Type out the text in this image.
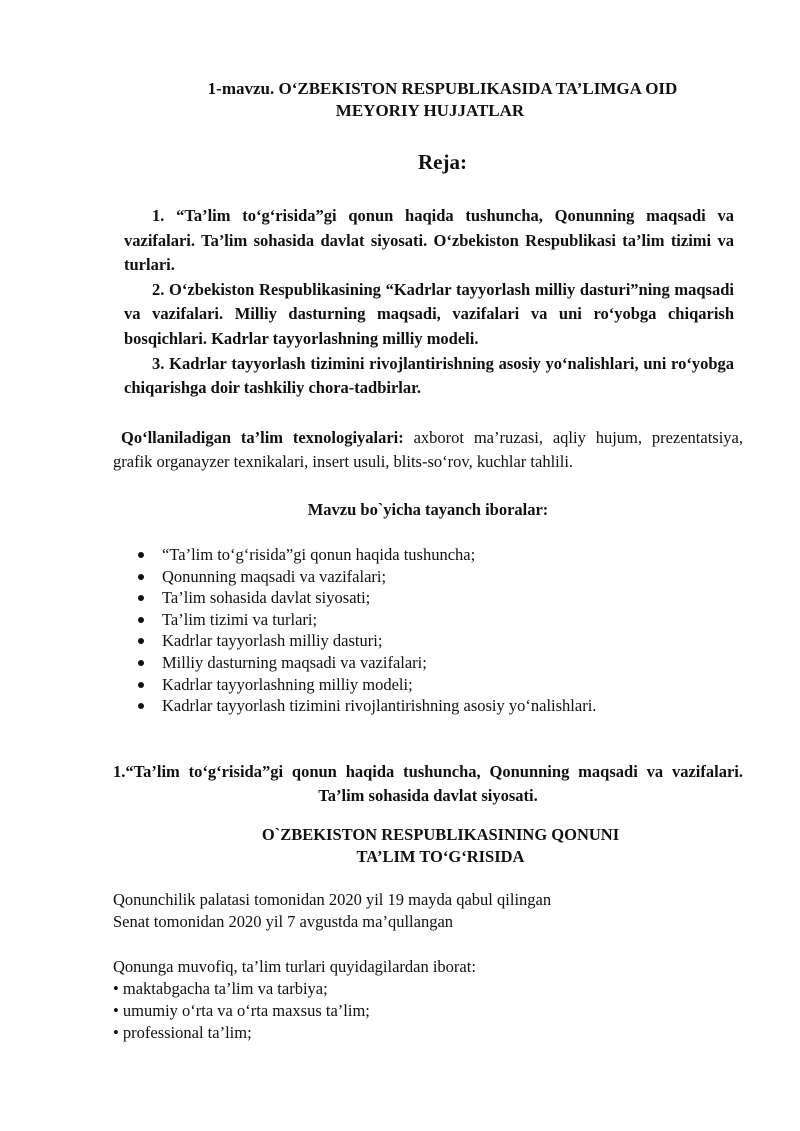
1-mavzu. O‘ZBEKISTON RESPUBLIKASIDA TA’LIMGA OID
MEYORIY HUJJATLAR
Reja:

1. “Ta’lim to‘g‘risida”gi qonun haqida tushuncha, Qonunning maqsadi va vazifalari. Ta’lim sohasida davlat siyosati. O‘zbekiston Respublikasi ta’lim tizimi va turlari.

2. O‘zbekiston Respublikasining “Kadrlar tayyorlash milliy dasturi”ning maqsadi va vazifalari. Milliy dasturning maqsadi, vazifalari va uni ro‘yobga chiqarish bosqichlari. Kadrlar tayyorlashning milliy modeli.

3. Kadrlar tayyorlash tizimini rivojlantirishning asosiy yo‘nalishlari, uni ro‘yobga chiqarishga doir tashkiliy chora-tadbirlar.

Qo‘llaniladigan ta’lim texnologiyalari: axborot ma’ruzasi, aqliy hujum, prezentatsiya, grafik organayzer texnikalari, insert usuli, blits-so‘rov, kuchlar tahlili.

Mavzu bo`yicha tayanch iboralar:
“Ta’lim to‘g‘risida”gi qonun haqida tushuncha;
Qonunning maqsadi va vazifalari;
Ta’lim sohasida davlat siyosati;
Ta’lim tizimi va turlari;
Kadrlar tayyorlash milliy dasturi;
Milliy dasturning maqsadi va vazifalari;
Kadrlar tayyorlashning milliy modeli;
Kadrlar tayyorlash tizimini rivojlantirishning asosiy yo‘nalishlari.
1.“Ta’lim to‘g‘risida”gi qonun haqida tushuncha, Qonunning maqsadi va vazifalari. Ta’lim sohasida davlat siyosati.
O`ZBEKISTON RESPUBLIKASINING QONUNI
TA’LIM TO‘G‘RISIDA
Qonunchilik palatasi tomonidan 2020 yil 19 mayda qabul qilingan
Senat tomonidan 2020 yil 7 avgustda ma’qullangan
Qonunga muvofiq, ta’lim turlari quyidagilardan iborat:
• maktabgacha ta’lim va tarbiya;
• umumiy o‘rta va o‘rta maxsus ta’lim;
• professional ta’lim;
